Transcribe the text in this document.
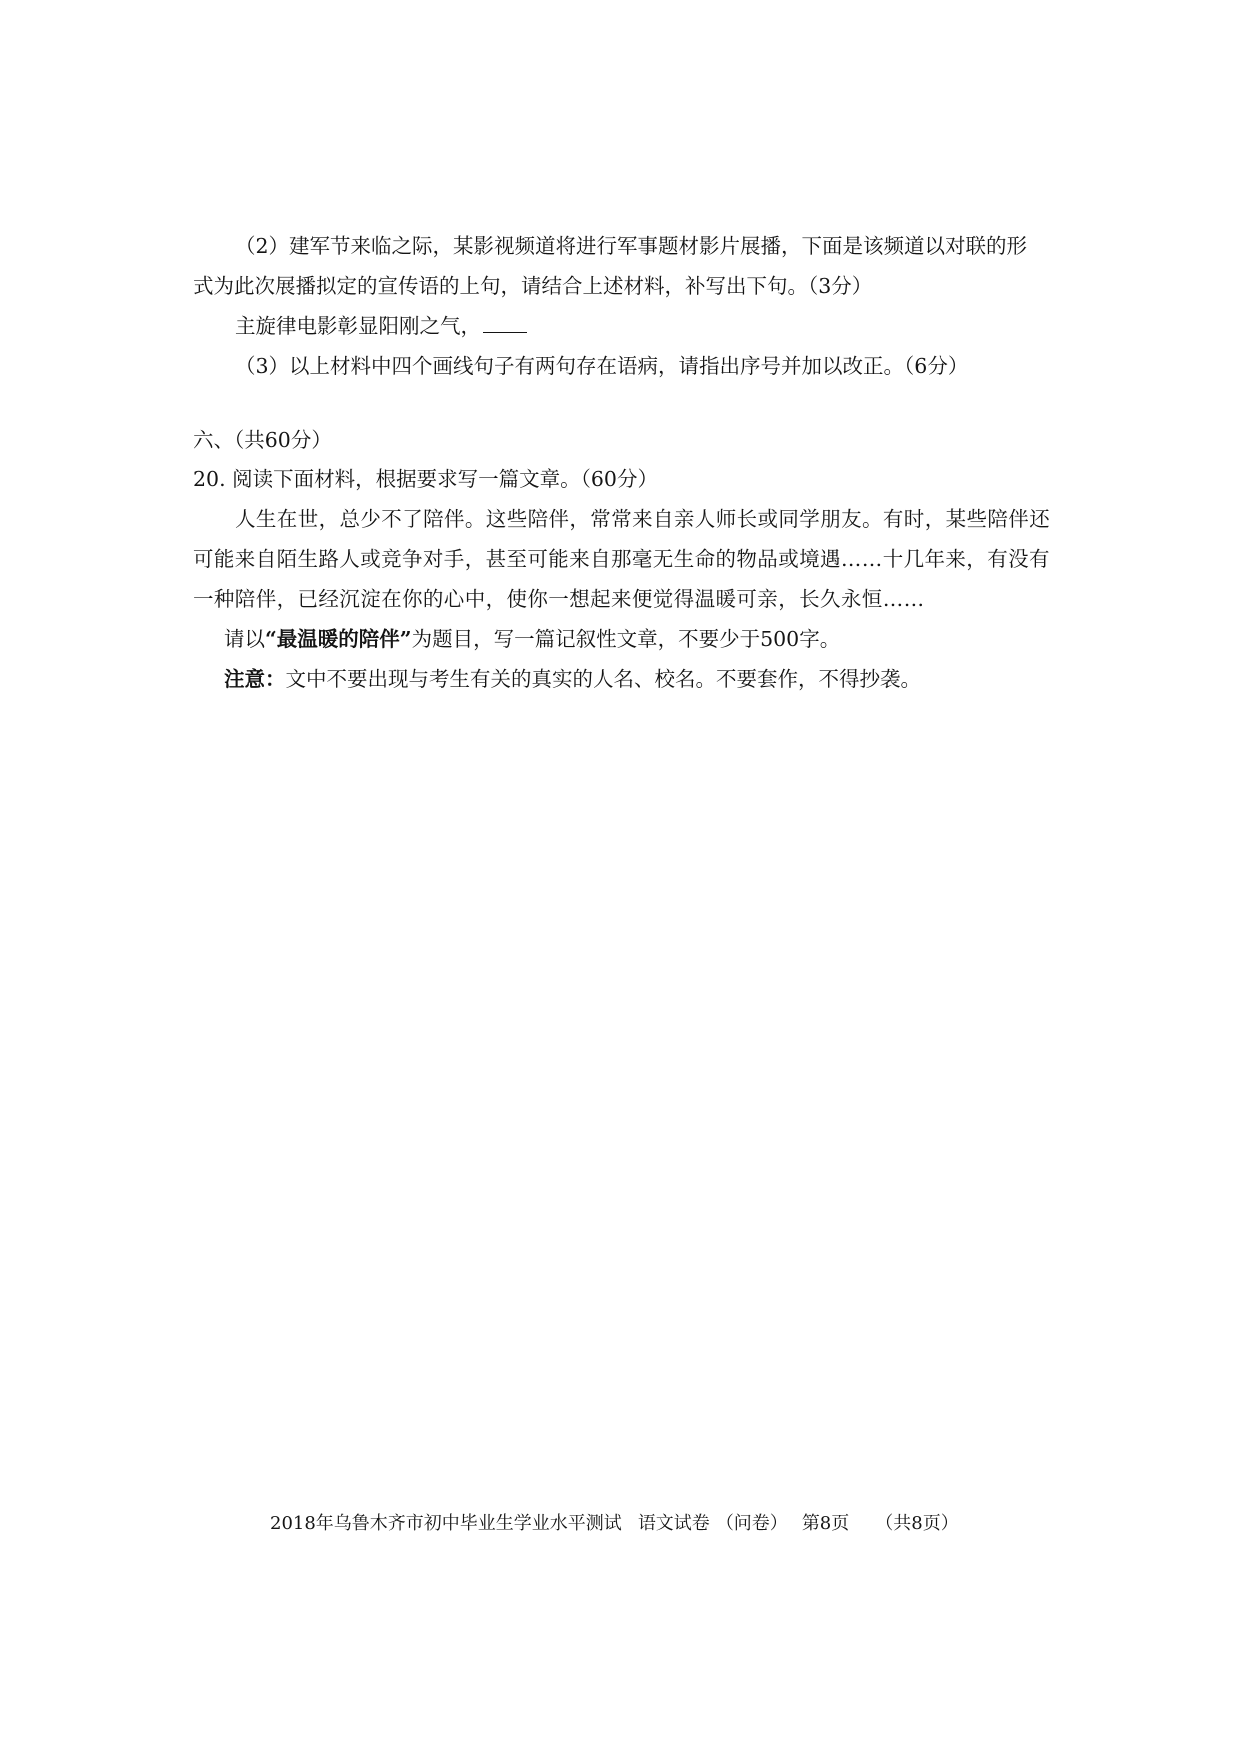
（2）建军节来临之际，某影视频道将进行军事题材影片展播，下面是该频道以对联的形
式为此次展播拟定的宣传语的上句，请结合上述材料，补写出下句。（3分）
主旋律电影彰显阳刚之气，
（3）以上材料中四个画线句子有两句存在语病，请指出序号并加以改正。（6分）
六、（共60分）
20. 阅读下面材料，根据要求写一篇文章。（60分）
人生在世，总少不了陪伴。这些陪伴，常常来自亲人师长或同学朋友。有时，某些陪伴还
可能来自陌生路人或竞争对手，甚至可能来自那毫无生命的物品或境遇……十几年来，有没有
一种陪伴，已经沉淀在你的心中，使你一想起来便觉得温暖可亲，长久永恒……
请以“最温暖的陪伴”为题目，写一篇记叙性文章，不要少于500字。
注意：文中不要出现与考生有关的真实的人名、校名。不要套作，不得抄袭。
2018年乌鲁木齐市初中毕业生学业水平测试 语文试卷 （问卷） 第8页 （共8页）
